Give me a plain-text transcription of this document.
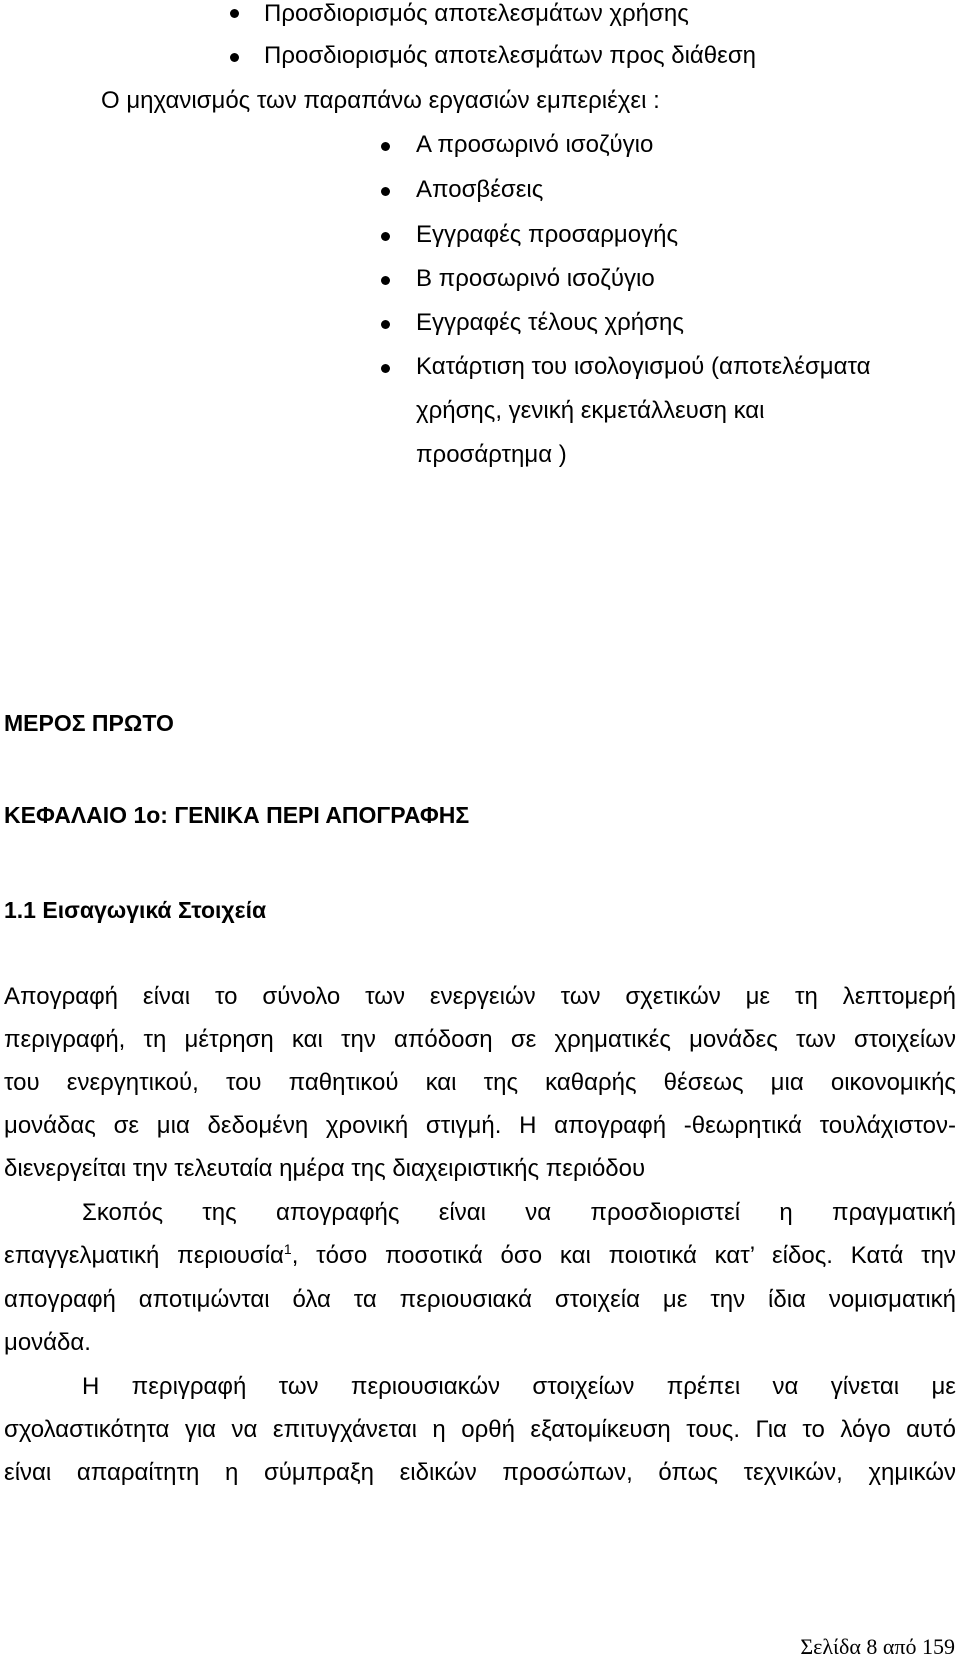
Προσδιορισμός αποτελεσμάτων χρήσης
Προσδιορισμός αποτελεσμάτων προς διάθεση
Ο μηχανισμός των παραπάνω εργασιών εμπεριέχει :
Α προσωρινό ισοζύγιο
Αποσβέσεις
Εγγραφές προσαρμογής
Β προσωρινό ισοζύγιο
Εγγραφές τέλους χρήσης
Κατάρτιση του ισολογισμού (αποτελέσματα
χρήσης, γενική εκμετάλλευση και
προσάρτημα )
ΜΕΡΟΣ ΠΡΩΤΟ
ΚΕΦΑΛΑΙΟ 1ο: ΓΕΝΙΚΑ ΠΕΡΙ ΑΠΟΓΡΑΦΗΣ
1.1 Εισαγωγικά Στοιχεία
Απογραφή είναι το σύνολο των ενεργειών των σχετικών με τη λεπτομερή
περιγραφή, τη μέτρηση και την απόδοση σε χρηματικές μονάδες των στοιχείων
του ενεργητικού, του παθητικού και της καθαρής θέσεως μια οικονομικής
μονάδας σε μια δεδομένη χρονική στιγμή. Η απογραφή -θεωρητικά τουλάχιστον-
διενεργείται την τελευταία ημέρα της διαχειριστικής περιόδου
Σκοπός της απογραφής είναι να προσδιοριστεί η πραγματική
επαγγελματική περιουσία$^1$, τόσο ποσοτικά όσο και ποιοτικά κατ’ είδος. Κατά την
απογραφή αποτιμώνται όλα τα περιουσιακά στοιχεία με την ίδια νομισματική
μονάδα.
Η περιγραφή των περιουσιακών στοιχείων πρέπει να γίνεται με
σχολαστικότητα για να επιτυγχάνεται η ορθή εξατομίκευση τους. Για το λόγο αυτό
είναι απαραίτητη η σύμπραξη ειδικών προσώπων, όπως τεχνικών, χημικών
Σελίδα 8 από 159
